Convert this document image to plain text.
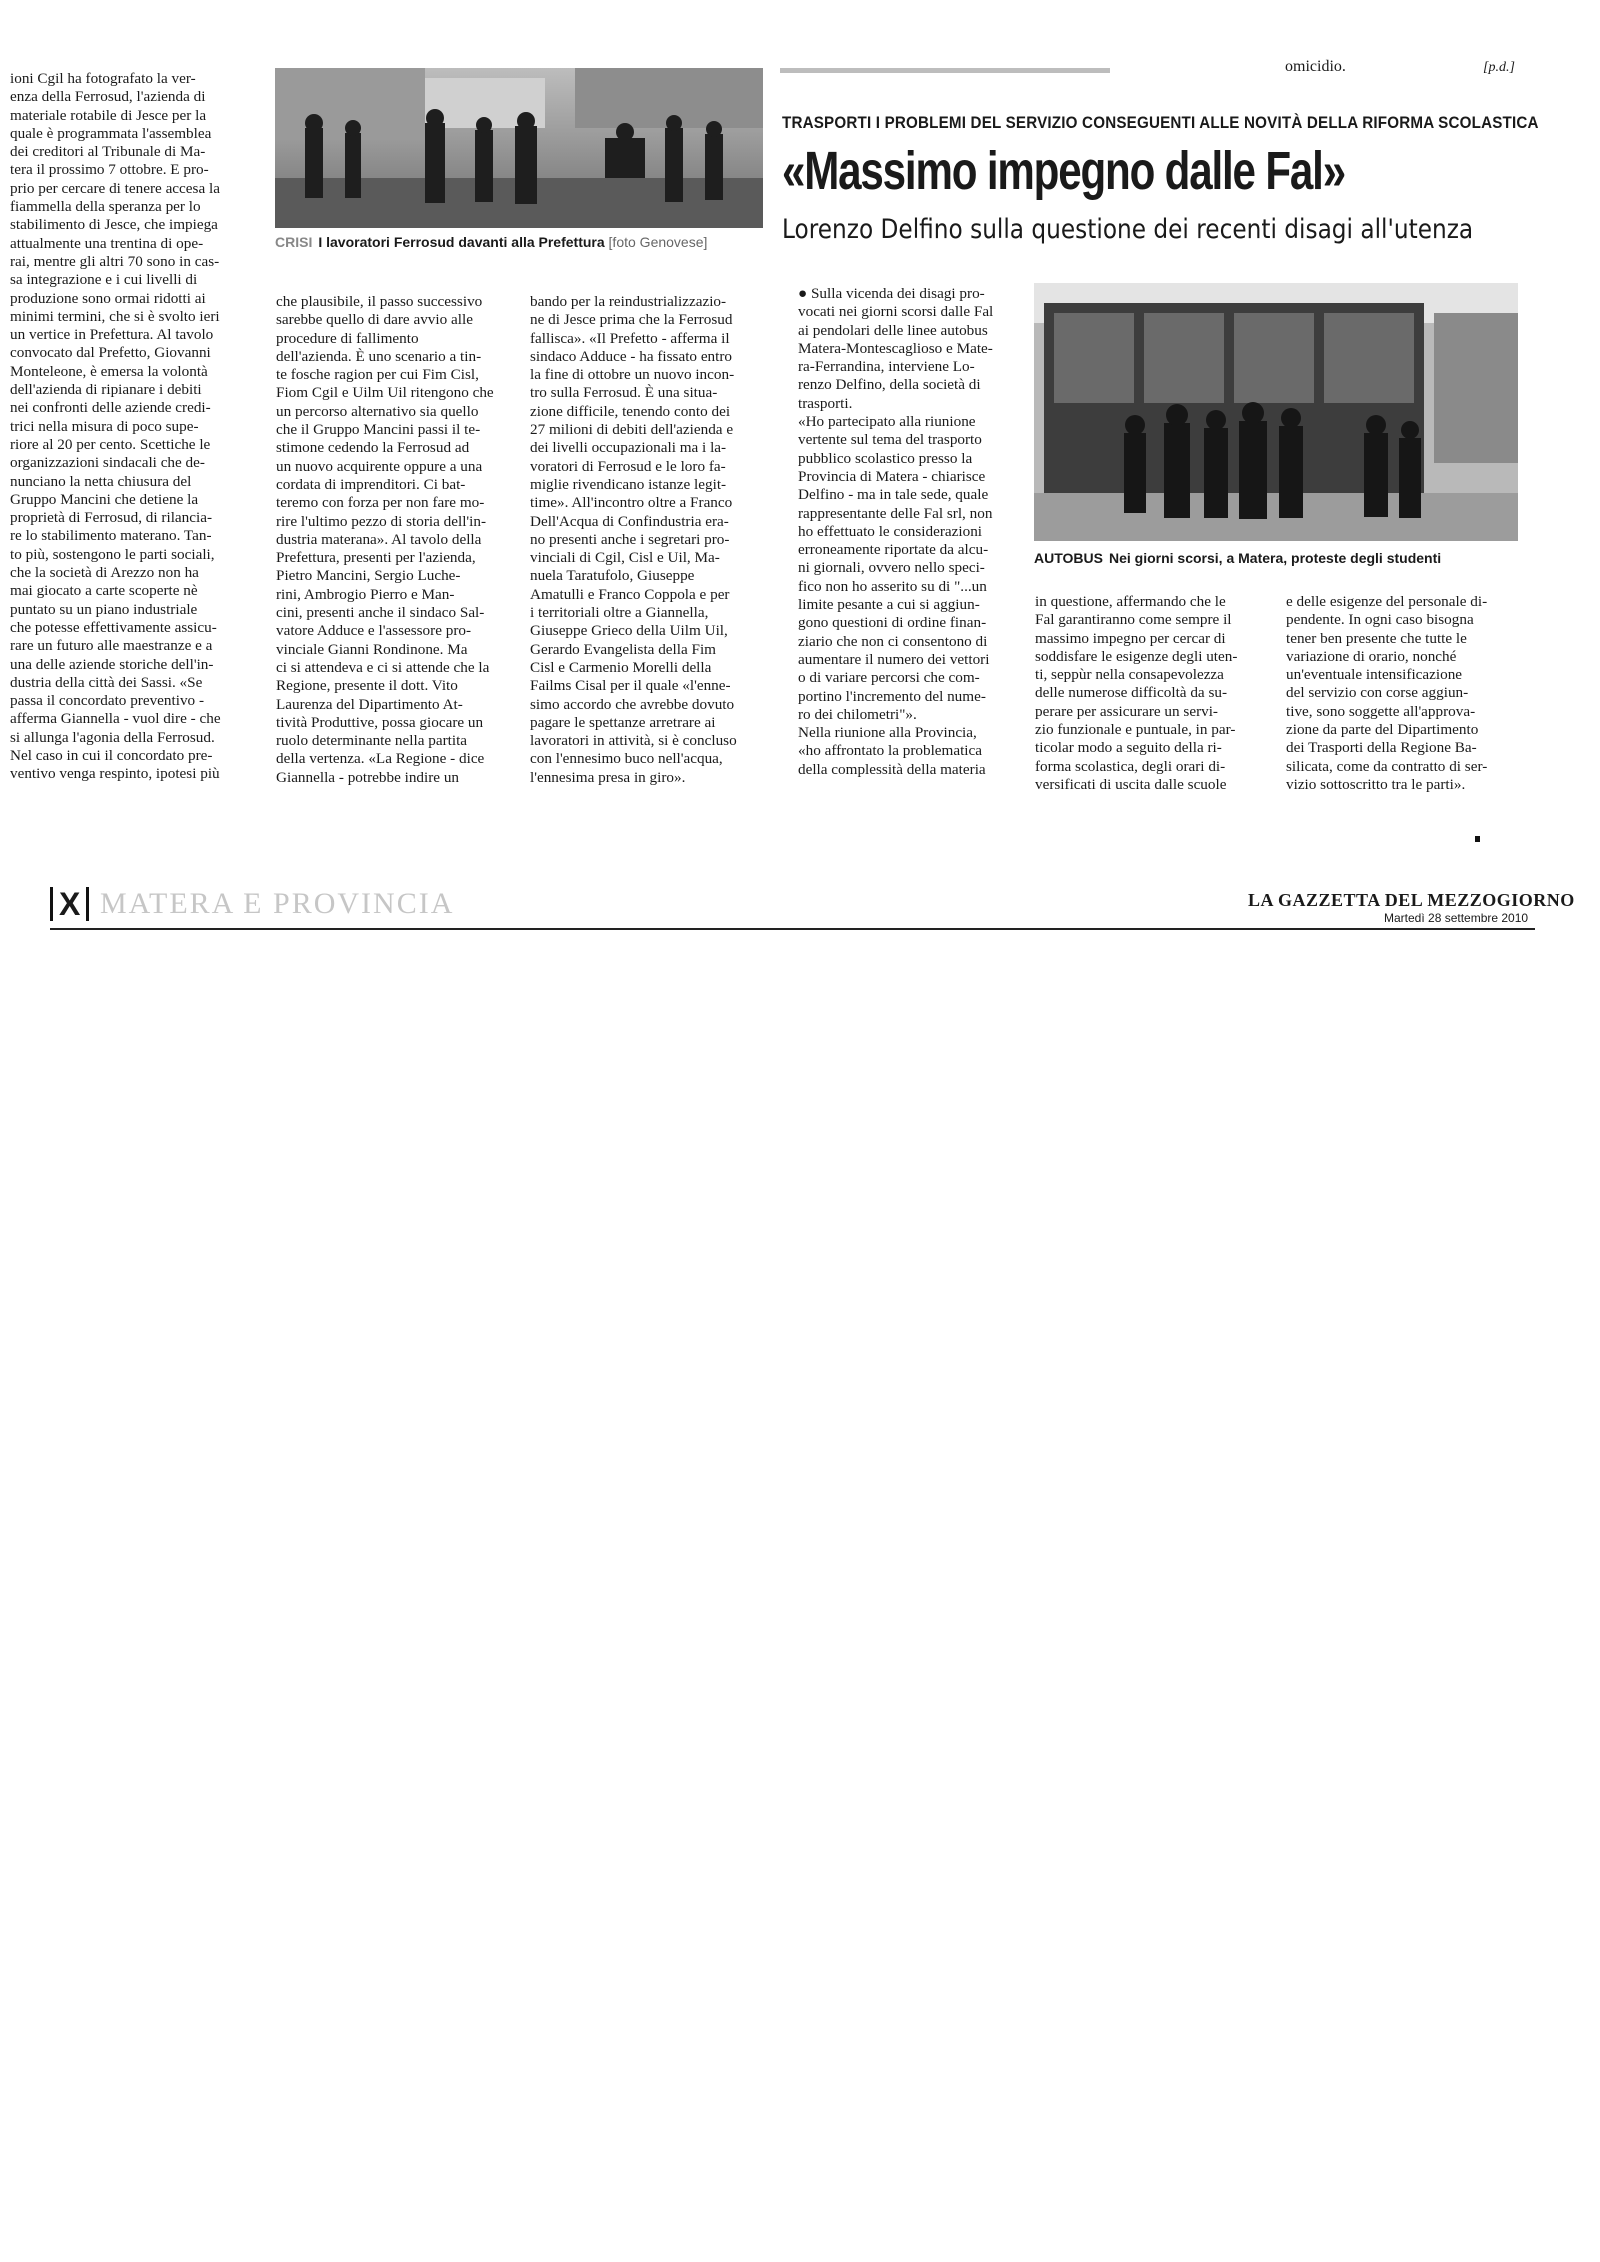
ioni Cgil ha fotografato la ver-

enza della Ferrosud, l'azienda di

materiale rotabile di Jesce per la

quale è programmata l'assemblea

dei creditori al Tribunale di Ma-

tera il prossimo 7 ottobre. E pro-

prio per cercare di tenere accesa la

fiammella della speranza per lo

stabilimento di Jesce, che impiega

attualmente una trentina di ope-

rai, mentre gli altri 70 sono in cas-

sa integrazione e i cui livelli di

produzione sono ormai ridotti ai

minimi termini, che si è svolto ieri

un vertice in Prefettura. Al tavolo

convocato dal Prefetto, Giovanni

Monteleone, è emersa la volontà

dell'azienda di ripianare i debiti

nei confronti delle aziende credi-

trici nella misura di poco supe-

riore al 20 per cento. Scettiche le

organizzazioni sindacali che de-

nunciano la netta chiusura del

Gruppo Mancini che detiene la

proprietà di Ferrosud, di rilancia-

re lo stabilimento materano. Tan-

to più, sostengono le parti sociali,

che la società di Arezzo non ha

mai giocato a carte scoperte nè

puntato su un piano industriale

che potesse effettivamente assicu-

rare un futuro alle maestranze e a

una delle aziende storiche dell'in-

dustria della città dei Sassi. «Se

passa il concordato preventivo -

afferma Giannella - vuol dire - che

si allunga l'agonia della Ferrosud.

Nel caso in cui il concordato pre-

ventivo venga respinto, ipotesi più

CRISI I lavoratori Ferrosud davanti alla Prefettura [foto Genovese]

che plausibile, il passo successivo

sarebbe quello di dare avvio alle

procedure di fallimento

dell'azienda. È uno scenario a tin-

te fosche ragion per cui Fim Cisl,

Fiom Cgil e Uilm Uil ritengono che

un percorso alternativo sia quello

che il Gruppo Mancini passi il te-

stimone cedendo la Ferrosud ad

un nuovo acquirente oppure a una

cordata di imprenditori. Ci bat-

teremo con forza per non fare mo-

rire l'ultimo pezzo di storia dell'in-

dustria materana». Al tavolo della

Prefettura, presenti per l'azienda,

Pietro Mancini, Sergio Luche-

rini, Ambrogio Pierro e Man-

cini, presenti anche il sindaco Sal-

vatore Adduce e l'assessore pro-

vinciale Gianni Rondinone. Ma

ci si attendeva e ci si attende che la

Regione, presente il dott. Vito

Laurenza del Dipartimento At-

tività Produttive, possa giocare un

ruolo determinante nella partita

della vertenza. «La Regione - dice

Giannella - potrebbe indire un

bando per la reindustrializzazio-

ne di Jesce prima che la Ferrosud

fallisca». «Il Prefetto - afferma il

sindaco Adduce - ha fissato entro

la fine di ottobre un nuovo incon-

tro sulla Ferrosud. È una situa-

zione difficile, tenendo conto dei

27 milioni di debiti dell'azienda e

dei livelli occupazionali ma i la-

voratori di Ferrosud e le loro fa-

miglie rivendicano istanze legit-

time». All'incontro oltre a Franco

Dell'Acqua di Confindustria era-

no presenti anche i segretari pro-

vinciali di Cgil, Cisl e Uil, Ma-

nuela Taratufolo, Giuseppe

Amatulli e Franco Coppola e per

i territoriali oltre a Giannella,

Giuseppe Grieco della Uilm Uil,

Gerardo Evangelista della Fim

Cisl e Carmenio Morelli della

Failms Cisal per il quale «l'enne-

simo accordo che avrebbe dovuto

pagare le spettanze arretrare ai

lavoratori in attività, si è concluso

con l'ennesimo buco nell'acqua,

l'ennesima presa in giro».

omicidio.	[p.d.]
TRASPORTI I PROBLEMI DEL SERVIZIO CONSEGUENTI ALLE NOVITÀ DELLA RIFORMA SCOLASTICA
«Massimo impegno dalle Fal»
Lorenzo Delfino sulla questione dei recenti disagi all'utenza

● Sulla vicenda dei disagi pro-

vocati nei giorni scorsi dalle Fal

ai pendolari delle linee autobus

Matera-Montescaglioso e Mate-

ra-Ferrandina, interviene Lo-

renzo Delfino, della società di

trasporti.

«Ho partecipato alla riunione

vertente sul tema del trasporto

pubblico scolastico presso la

Provincia di Matera - chiarisce

Delfino - ma in tale sede, quale

rappresentante delle Fal srl, non

ho effettuato le considerazioni

erroneamente riportate da alcu-

ni giornali, ovvero nello speci-

fico non ho asserito su di "...un

limite pesante a cui si aggiun-

gono questioni di ordine finan-

ziario che non ci consentono di

aumentare il numero dei vettori

o di variare percorsi che com-

portino l'incremento del nume-

ro dei chilometri"».

Nella riunione alla Provincia,

«ho affrontato la problematica

della complessità della materia

AUTOBUS Nei giorni scorsi, a Matera, proteste degli studenti

in questione, affermando che le

Fal garantiranno come sempre il

massimo impegno per cercar di

soddisfare le esigenze degli uten-

ti, seppùr nella consapevolezza

delle numerose difficoltà da su-

perare per assicurare un servi-

zio funzionale e puntuale, in par-

ticolar modo a seguito della ri-

forma scolastica, degli orari di-

versificati di uscita dalle scuole

e delle esigenze del personale di-

pendente. In ogni caso bisogna

tener ben presente che tutte le

variazione di orario, nonché

un'eventuale intensificazione

del servizio con corse aggiun-

tive, sono soggette all'approva-

zione da parte del Dipartimento

dei Trasporti della Regione Ba-

silicata, come da contratto di ser-

vizio sottoscritto tra le parti».

X MATERA E PROVINCIA	LA GAZZETTA DEL MEZZOGIORNO
Martedì 28 settembre 2010
